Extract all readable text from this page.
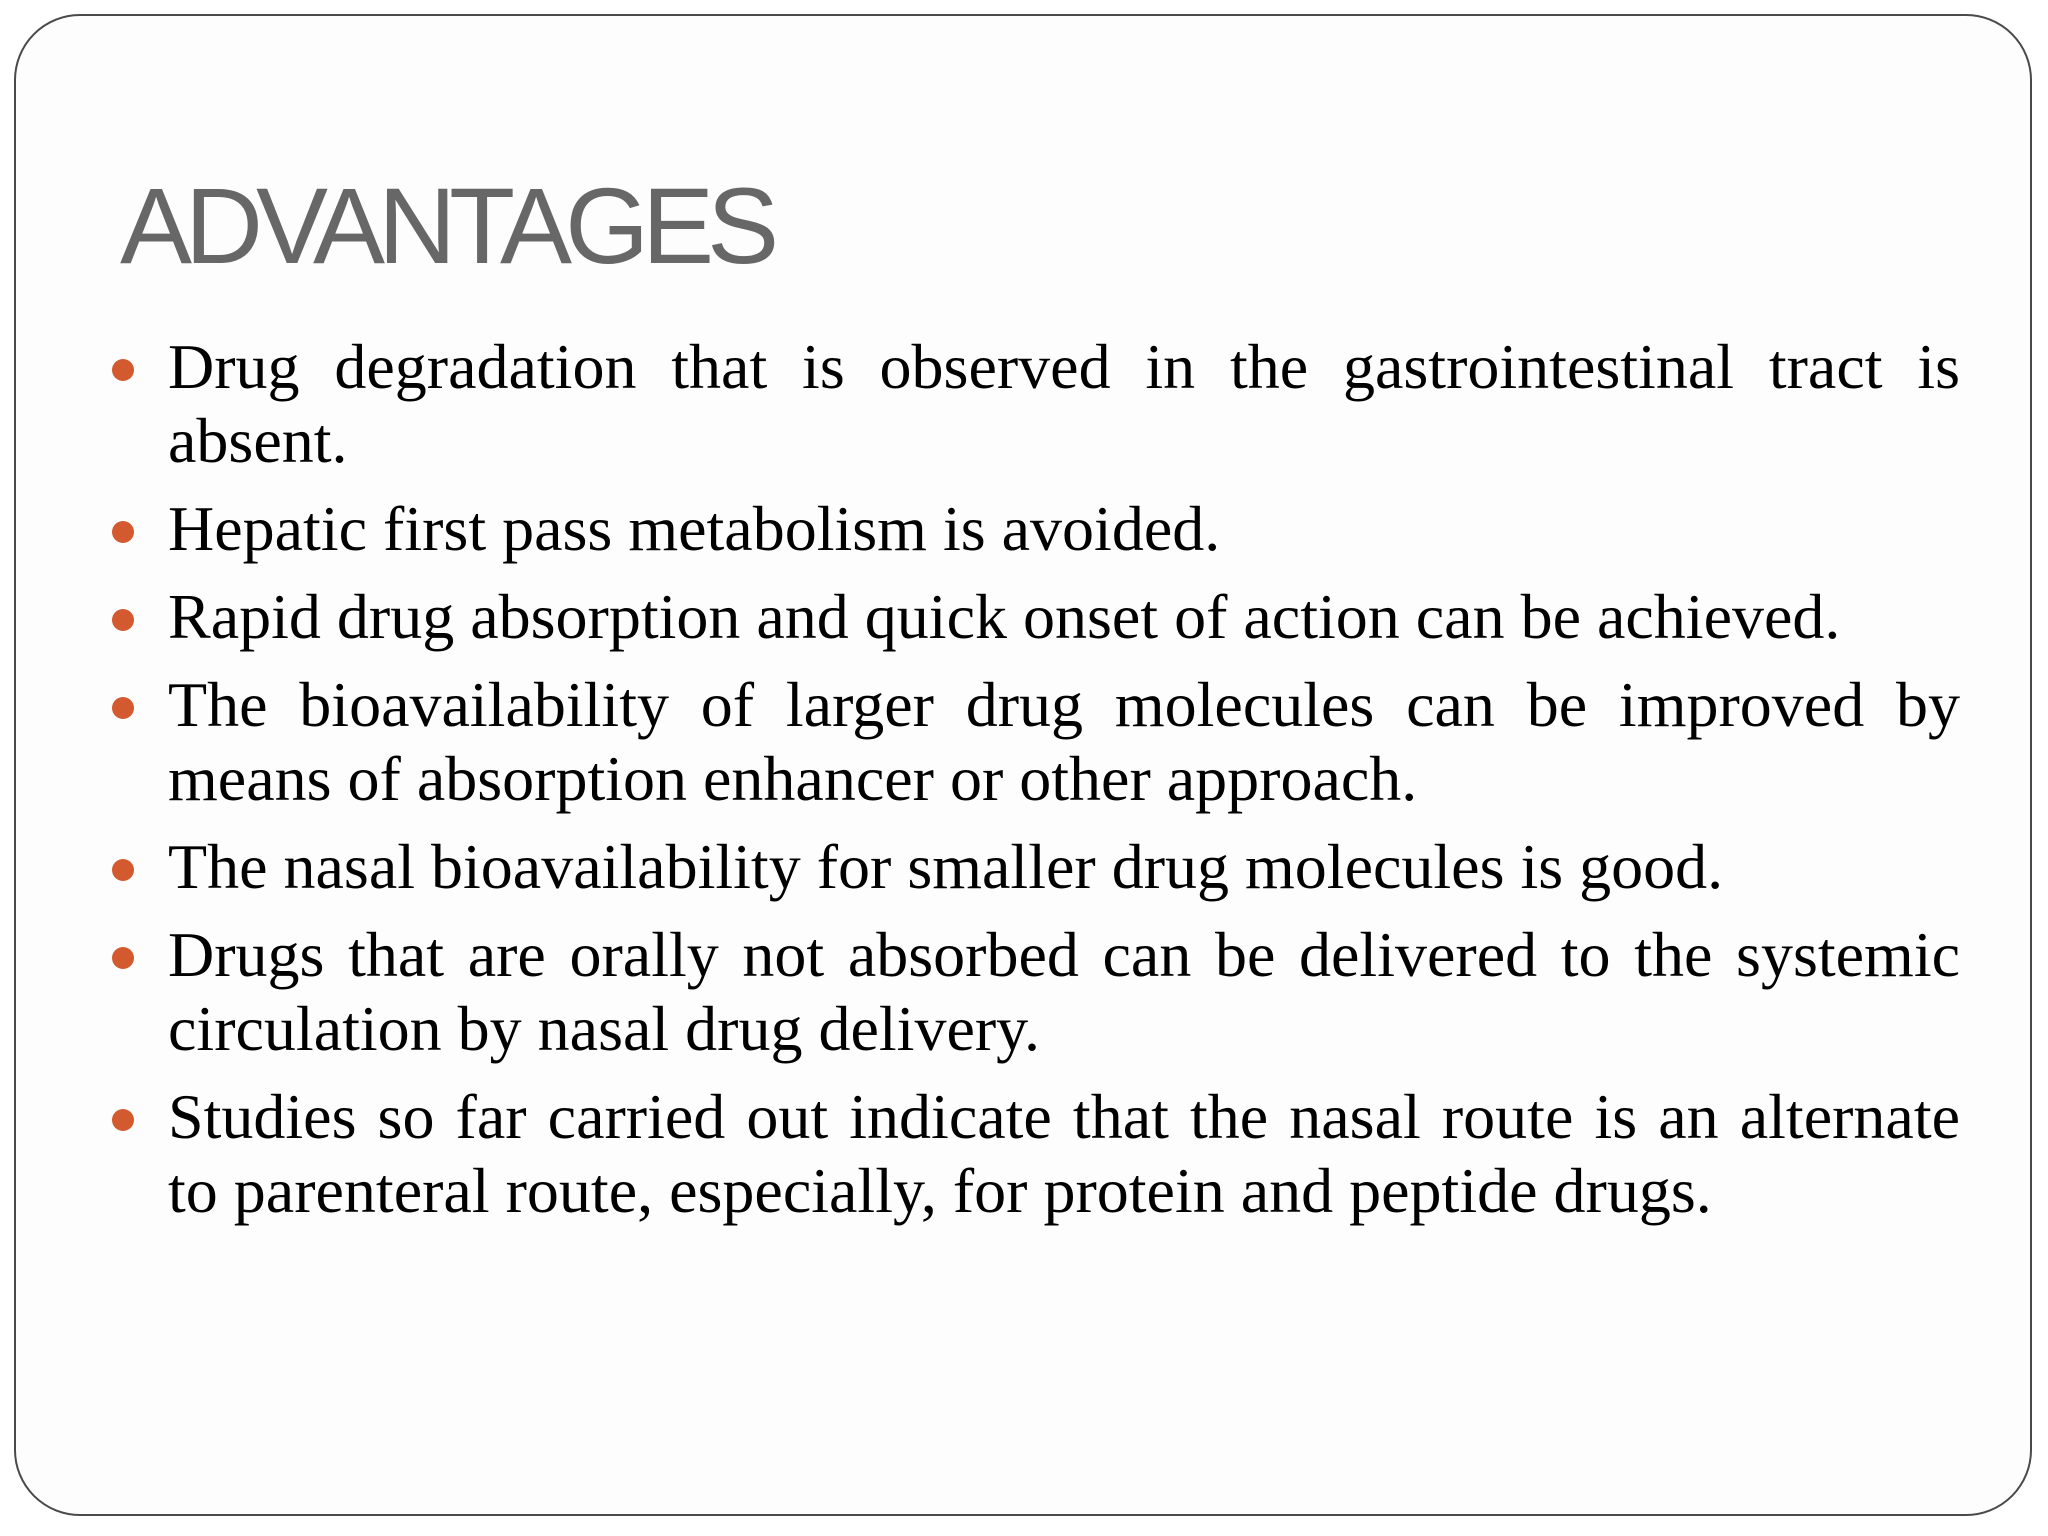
ADVANTAGES
Drug degradation that is observed in the gastrointestinal tract is absent.
Hepatic first pass metabolism is avoided.
Rapid drug absorption and quick onset of action can be achieved.
The bioavailability of larger drug molecules can be improved by means of absorption enhancer or other approach.
The nasal bioavailability for smaller drug molecules is good.
Drugs that are orally not absorbed can be delivered to the systemic circulation by nasal drug delivery.
Studies so far carried out indicate that the nasal route is an alternate to parenteral route, especially, for protein and peptide drugs.
